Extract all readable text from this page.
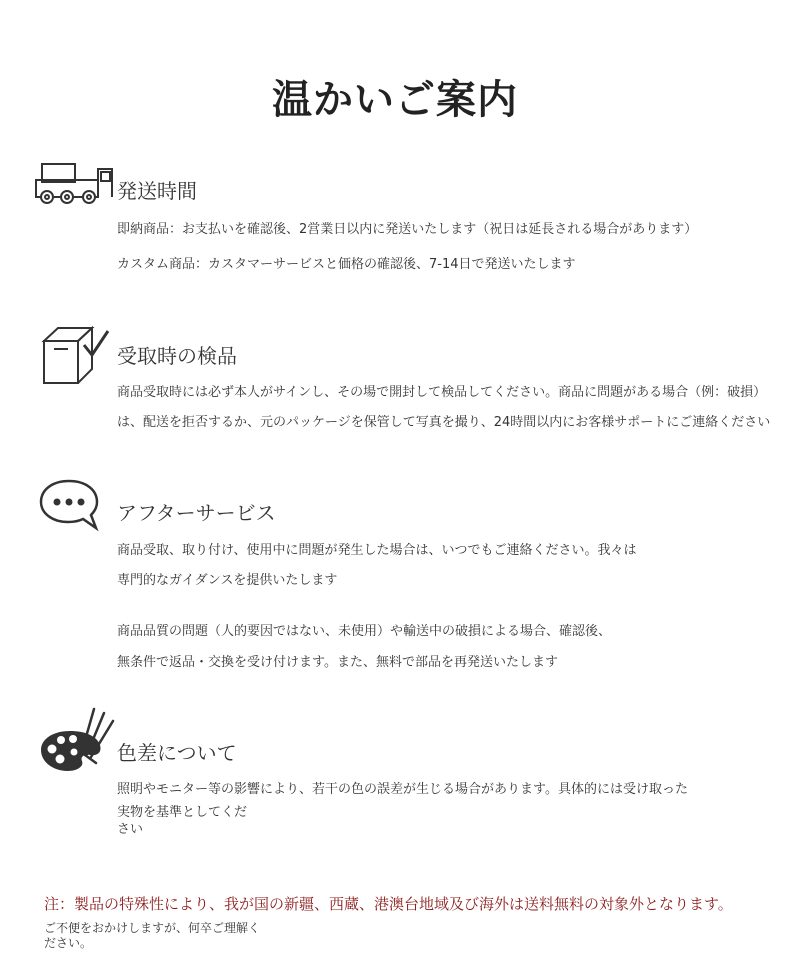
温かいご案内
発送時間
即納商品：お支払いを確認後、2営業日以内に発送いたします（祝日は延長される場合があります）
カスタム商品：カスタマーサービスと価格の確認後、7-14日で発送いたします
受取時の検品
商品受取時には必ず本人がサインし、その場で開封して検品してください。商品に問題がある場合（例：破損）
は、配送を拒否するか、元のパッケージを保管して写真を撮り、24時間以内にお客様サポートにご連絡ください
アフターサービス
商品受取、取り付け、使用中に問題が発生した場合は、いつでもご連絡ください。我々は
専門的なガイダンスを提供いたします
商品品質の問題（人的要因ではない、未使用）や輸送中の破損による場合、確認後、
無条件で返品・交換を受け付けます。また、無料で部品を再発送いたします
色差について
照明やモニター等の影響により、若干の色の誤差が生じる場合があります。具体的には受け取った
実物を基準としてくだ
さい
注：製品の特殊性により、我が国の新疆、西蔵、港澳台地域及び海外は送料無料の対象外となります。
ご不便をおかけしますが、何卒ご理解く
ださい。
